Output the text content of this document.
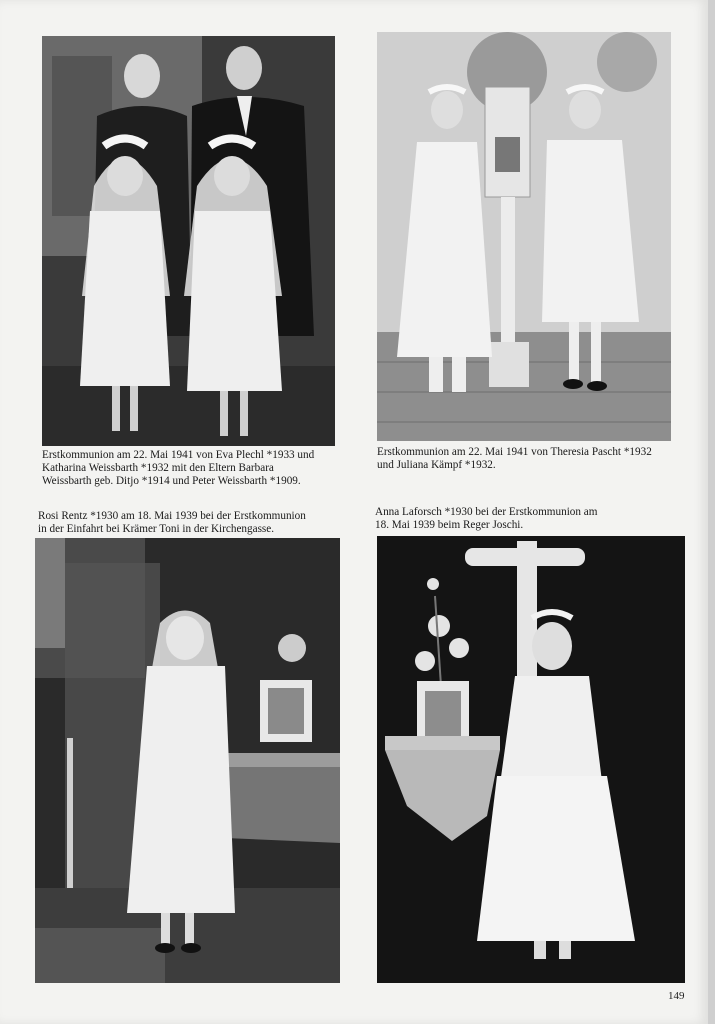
Erstkommunion am 22. Mai 1941 von Eva Plechl *1933 und
Katharina Weissbarth *1932 mit den Eltern Barbara
Weissbarth geb. Ditjo *1914 und Peter Weissbarth *1909.
Erstkommunion am 22. Mai 1941 von Theresia Pascht *1932
und Juliana Kämpf *1932.
Rosi Rentz *1930 am 18. Mai 1939 bei der Erstkommunion
in der Einfahrt bei Krämer Toni in der Kirchengasse.
Anna Laforsch *1930 bei der Erstkommunion am
18. Mai 1939 beim Reger Joschi.
149
